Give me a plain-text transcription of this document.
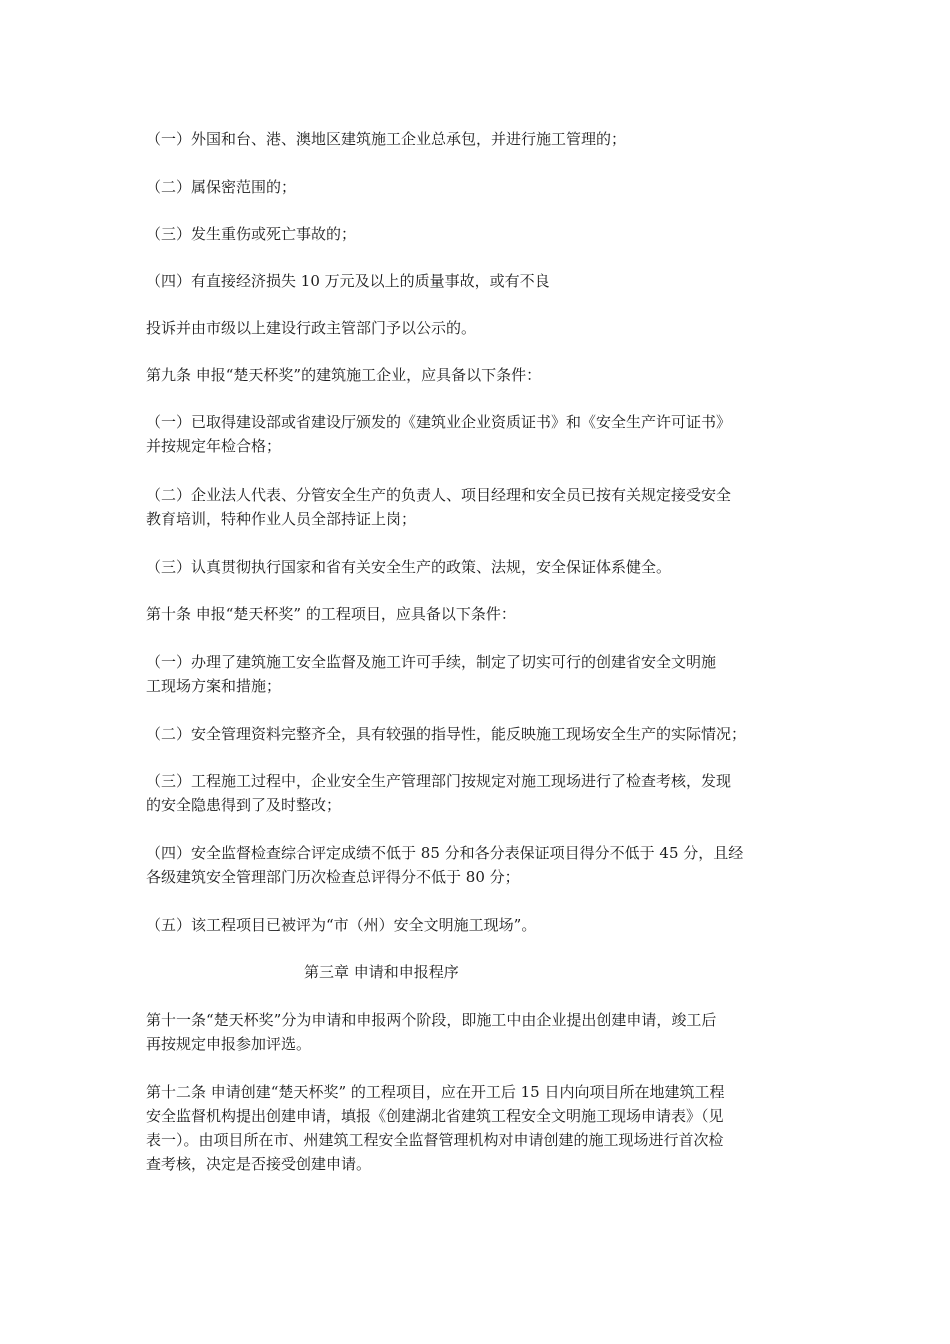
（一）外国和台、港、澳地区建筑施工企业总承包，并进行施工管理的；

（二）属保密范围的；

（三）发生重伤或死亡事故的；

（四）有直接经济损失 10 万元及以上的质量事故，或有不良

投诉并由市级以上建设行政主管部门予以公示的。

第九条 申报“楚天杯奖”的建筑施工企业，应具备以下条件：

（一）已取得建设部或省建设厅颁发的《建筑业企业资质证书》和《安全生产许可证书》
并按规定年检合格；

（二）企业法人代表、分管安全生产的负责人、项目经理和安全员已按有关规定接受安全
教育培训，特种作业人员全部持证上岗；

（三）认真贯彻执行国家和省有关安全生产的政策、法规，安全保证体系健全。

第十条 申报“楚天杯奖” 的工程项目，应具备以下条件：

（一）办理了建筑施工安全监督及施工许可手续，制定了切实可行的创建省安全文明施
工现场方案和措施；

（二）安全管理资料完整齐全，具有较强的指导性，能反映施工现场安全生产的实际情况；

（三）工程施工过程中，企业安全生产管理部门按规定对施工现场进行了检查考核，发现
的安全隐患得到了及时整改；

（四）安全监督检查综合评定成绩不低于 85 分和各分表保证项目得分不低于 45 分，且经
各级建筑安全管理部门历次检查总评得分不低于 80 分；

（五）该工程项目已被评为“市（州）安全文明施工现场”。

第三章 申请和申报程序

第十一条“楚天杯奖”分为申请和申报两个阶段，即施工中由企业提出创建申请，竣工后
再按规定申报参加评选。

第十二条 申请创建“楚天杯奖” 的工程项目，应在开工后 15 日内向项目所在地建筑工程
安全监督机构提出创建申请，填报《创建湖北省建筑工程安全文明施工现场申请表》（见
表一）。由项目所在市、州建筑工程安全监督管理机构对申请创建的施工现场进行首次检
查考核，决定是否接受创建申请。
